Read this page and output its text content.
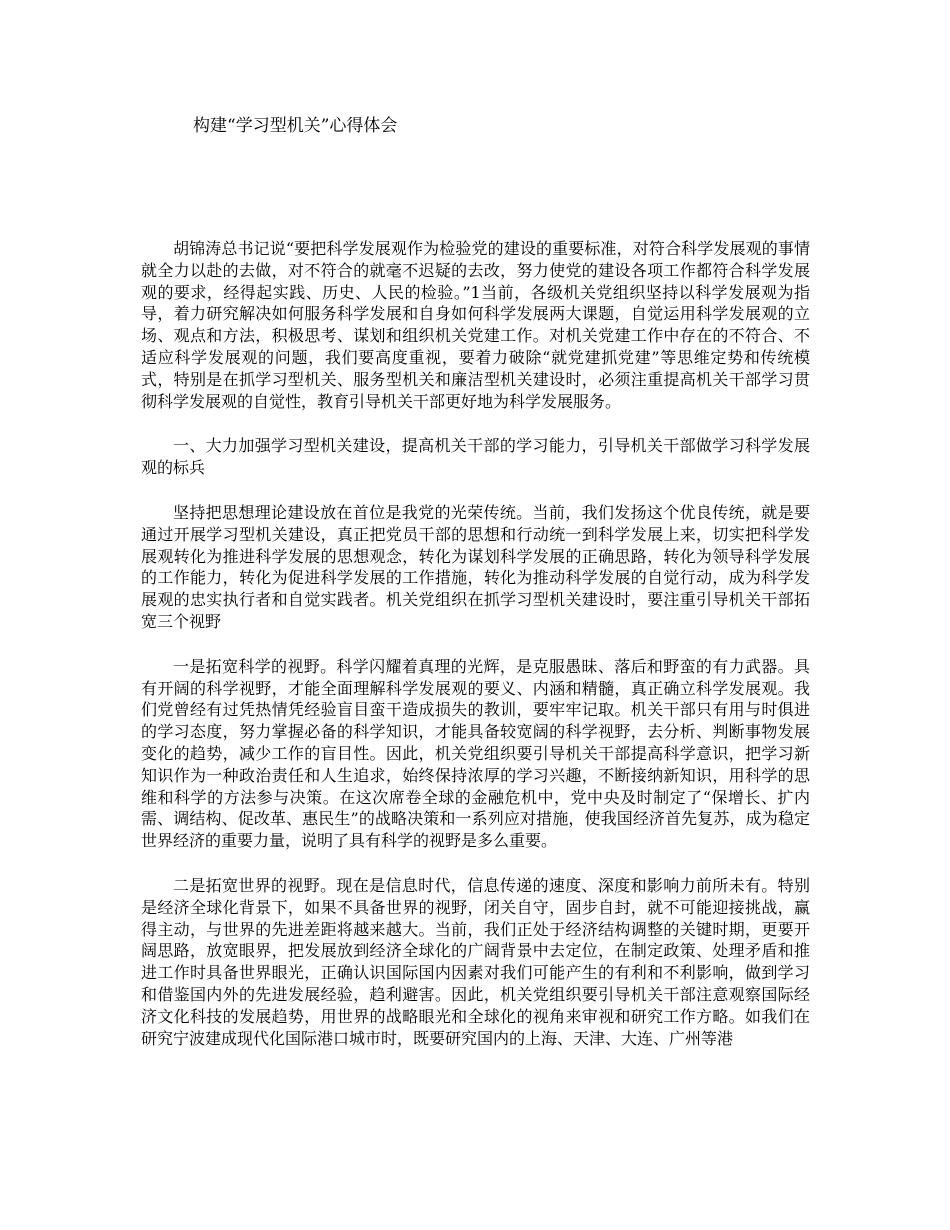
构建“学习型机关”心得体会

胡锦涛总书记说“要把科学发展观作为检验党的建设的重要标准，对符合科学发展观的事情就全力以赴的去做，对不符合的就毫不迟疑的去改，努力使党的建设各项工作都符合科学发展观的要求，经得起实践、历史、人民的检验。”1当前，各级机关党组织坚持以科学发展观为指导，着力研究解决如何服务科学发展和自身如何科学发展两大课题，自觉运用科学发展观的立场、观点和方法，积极思考、谋划和组织机关党建工作。对机关党建工作中存在的不符合、不适应科学发展观的问题，我们要高度重视，要着力破除“就党建抓党建”等思维定势和传统模式，特别是在抓学习型机关、服务型机关和廉洁型机关建设时，必须注重提高机关干部学习贯彻科学发展观的自觉性，教育引导机关干部更好地为科学发展服务。

一、大力加强学习型机关建设，提高机关干部的学习能力，引导机关干部做学习科学发展观的标兵

坚持把思想理论建设放在首位是我党的光荣传统。当前，我们发扬这个优良传统，就是要通过开展学习型机关建设，真正把党员干部的思想和行动统一到科学发展上来，切实把科学发展观转化为推进科学发展的思想观念，转化为谋划科学发展的正确思路，转化为领导科学发展的工作能力，转化为促进科学发展的工作措施，转化为推动科学发展的自觉行动，成为科学发展观的忠实执行者和自觉实践者。机关党组织在抓学习型机关建设时，要注重引导机关干部拓宽三个视野

一是拓宽科学的视野。科学闪耀着真理的光辉，是克服愚昧、落后和野蛮的有力武器。具有开阔的科学视野，才能全面理解科学发展观的要义、内涵和精髓，真正确立科学发展观。我们党曾经有过凭热情凭经验盲目蛮干造成损失的教训，要牢牢记取。机关干部只有用与时俱进的学习态度，努力掌握必备的科学知识，才能具备较宽阔的科学视野，去分析、判断事物发展变化的趋势，减少工作的盲目性。因此，机关党组织要引导机关干部提高科学意识，把学习新知识作为一种政治责任和人生追求，始终保持浓厚的学习兴趣，不断接纳新知识，用科学的思维和科学的方法参与决策。在这次席卷全球的金融危机中，党中央及时制定了“保增长、扩内需、调结构、促改革、惠民生”的战略决策和一系列应对措施，使我国经济首先复苏，成为稳定世界经济的重要力量，说明了具有科学的视野是多么重要。

二是拓宽世界的视野。现在是信息时代，信息传递的速度、深度和影响力前所未有。特别是经济全球化背景下，如果不具备世界的视野，闭关自守，固步自封，就不可能迎接挑战，赢得主动，与世界的先进差距将越来越大。当前，我们正处于经济结构调整的关键时期，更要开阔思路，放宽眼界，把发展放到经济全球化的广阔背景中去定位，在制定政策、处理矛盾和推进工作时具备世界眼光，正确认识国际国内因素对我们可能产生的有利和不利影响，做到学习和借鉴国内外的先进发展经验，趋利避害。因此，机关党组织要引导机关干部注意观察国际经济文化科技的发展趋势，用世界的战略眼光和全球化的视角来审视和研究工作方略。如我们在研究宁波建成现代化国际港口城市时，既要研究国内的上海、天津、大连、广州等港
